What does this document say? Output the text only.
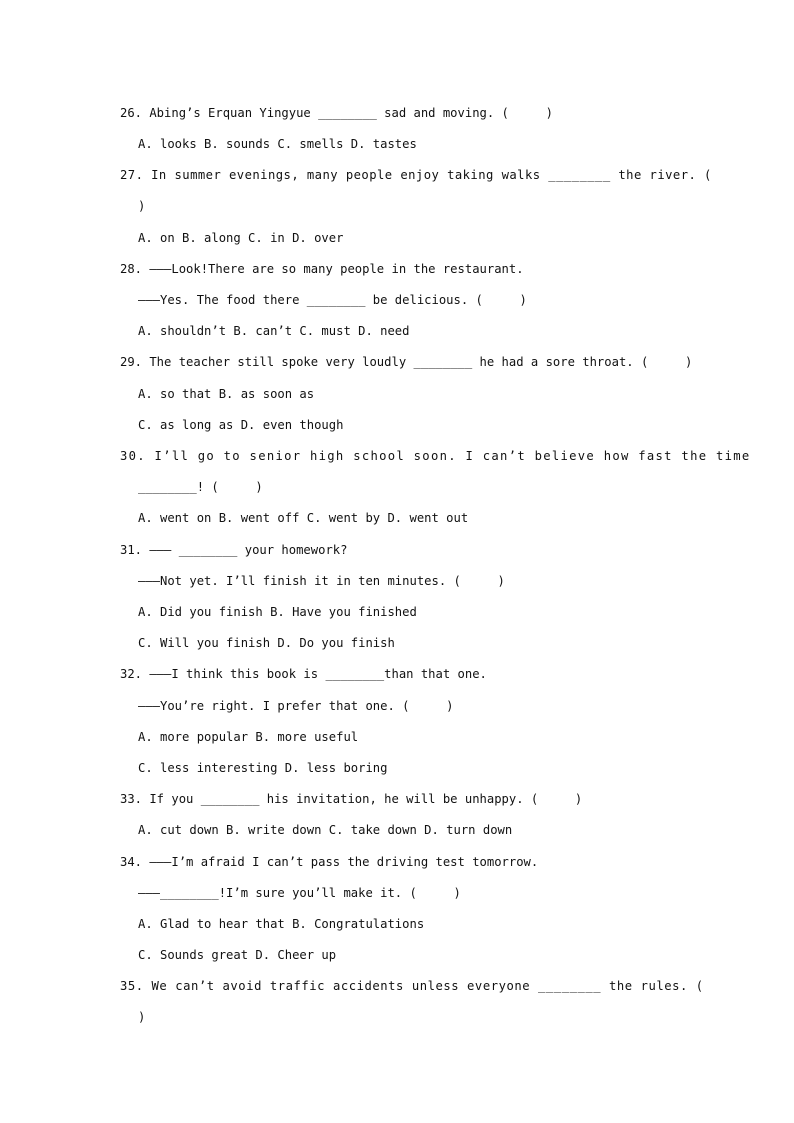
26. Abing’s Erquan Yingyue ________ sad and moving. (     )
A. looks B. sounds C. smells D. tastes
27. In summer evenings, many people enjoy taking walks ________ the river. (
)
A. on B. along C. in D. over
28. ———Look!There are so many people in the restaurant.
———Yes. The food there ________ be delicious. (     )
A. shouldn’t B. can’t C. must D. need
29. The teacher still spoke very loudly ________ he had a sore throat. (     )
A. so that B. as soon as
C. as long as D. even though
30. I’ll go to senior high school soon. I can’t believe how fast the time
________! (     )
A. went on B. went off C. went by D. went out
31. ——— ________ your homework?
———Not yet. I’ll finish it in ten minutes. (     )
A. Did you finish B. Have you finished
C. Will you finish D. Do you finish
32. ———I think this book is ________than that one.
———You’re right. I prefer that one. (     )
A. more popular B. more useful
C. less interesting D. less boring
33. If you ________ his invitation, he will be unhappy. (     )
A. cut down B. write down C. take down D. turn down
34. ———I’m afraid I can’t pass the driving test tomorrow.
———________!I’m sure you’ll make it. (     )
A. Glad to hear that B. Congratulations
C. Sounds great D. Cheer up
35. We can’t avoid traffic accidents unless everyone ________ the rules. (
)
